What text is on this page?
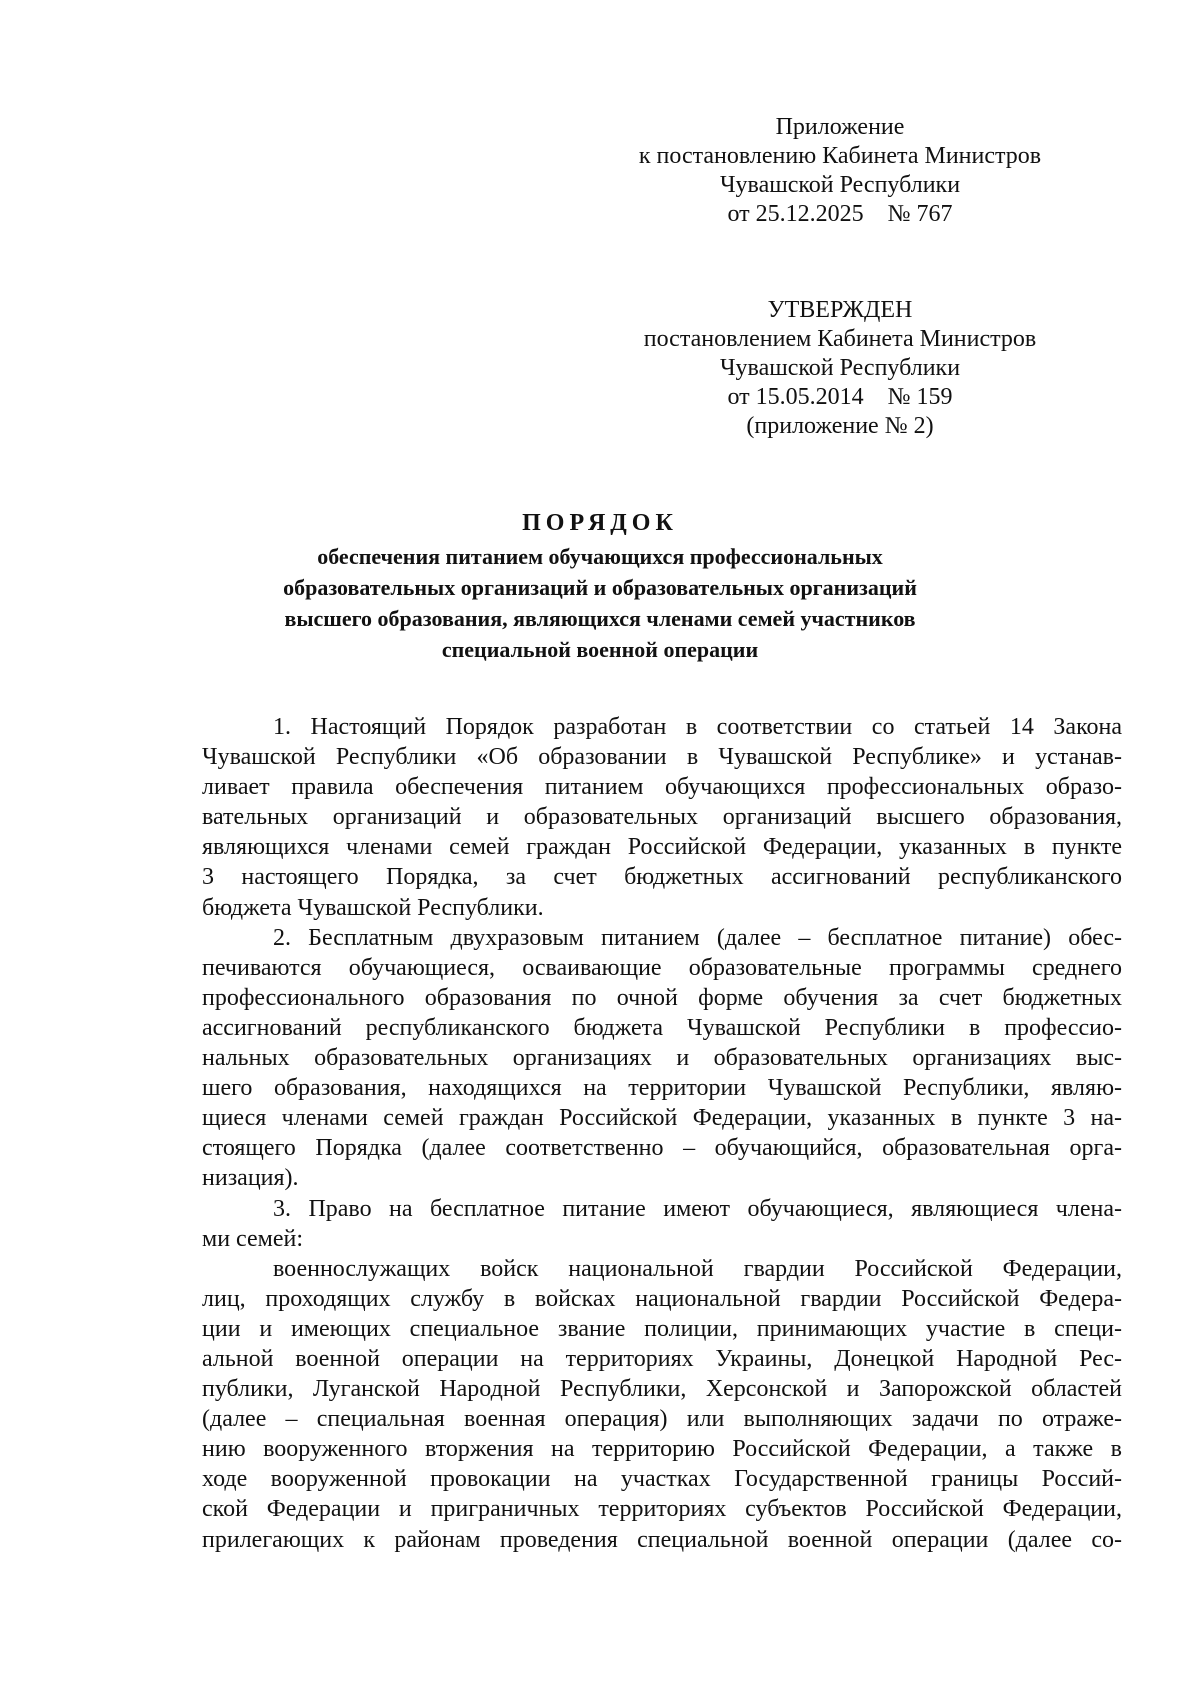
Приложение
к постановлению Кабинета Министров
Чувашской Республики
от 25.12.2025    № 767
УТВЕРЖДЕН
постановлением Кабинета Министров
Чувашской Республики
от 15.05.2014    № 159
(приложение № 2)
ПОРЯДОК
обеспечения питанием обучающихся профессиональных
образовательных организаций и образовательных организаций
высшего образования, являющихся членами семей участников
специальной военной операции
1. Настоящий Порядок разработан в соответствии со статьей 14 Закона
Чувашской Республики «Об образовании в Чувашской Республике» и устанав-
ливает правила обеспечения питанием обучающихся профессиональных образо-
вательных организаций и образовательных организаций высшего образования,
являющихся членами семей граждан Российской Федерации, указанных в пункте
3 настоящего Порядка, за счет бюджетных ассигнований республиканского
бюджета Чувашской Республики.
2. Бесплатным двухразовым питанием (далее – бесплатное питание) обес-
печиваются обучающиеся, осваивающие образовательные программы среднего
профессионального образования по очной форме обучения за счет бюджетных
ассигнований республиканского бюджета Чувашской Республики в профессио-
нальных образовательных организациях и образовательных организациях выс-
шего образования, находящихся на территории Чувашской Республики, являю-
щиеся членами семей граждан Российской Федерации, указанных в пункте 3 на-
стоящего Порядка (далее соответственно – обучающийся, образовательная орга-
низация).
3. Право на бесплатное питание имеют обучающиеся, являющиеся члена-
ми семей:
военнослужащих войск национальной гвардии Российской Федерации,
лиц, проходящих службу в войсках национальной гвардии Российской Федера-
ции и имеющих специальное звание полиции, принимающих участие в специ-
альной военной операции на территориях Украины, Донецкой Народной Рес-
публики, Луганской Народной Республики, Херсонской и Запорожской областей
(далее – специальная военная операция) или выполняющих задачи по отраже-
нию вооруженного вторжения на территорию Российской Федерации, а также в
ходе вооруженной провокации на участках Государственной границы Россий-
ской Федерации и приграничных территориях субъектов Российской Федерации,
прилегающих к районам проведения специальной военной операции (далее со-
